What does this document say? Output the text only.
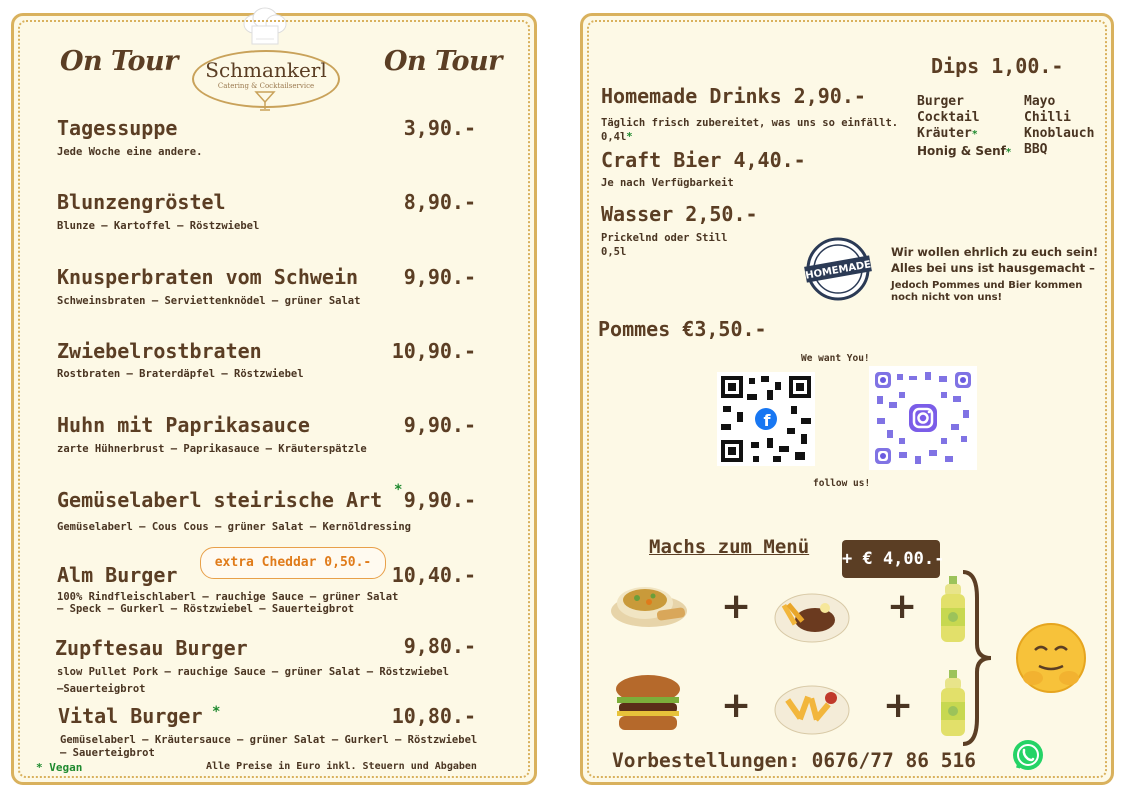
On Tour	On Tour
Schmankerl
Catering & Cocktailservice
Tagessuppe	3,90.-
Jede Woche eine andere.
Blunzengröstel	8,90.-
Blunze – Kartoffel – Röstzwiebel
Knusperbraten vom Schwein 9,90.-
Schweinsbraten – Serviettenknödel – grüner Salat
Zwiebelrostbraten	10,90.-
Rostbraten – Braterdäpfel – Röstzwiebel
Huhn mit Paprikasauce	9,90.-
zarte Hühnerbrust – Paprikasauce – Kräuterspätzle
Gemüselaberl steirische Art * 9,90.-
Gemüselaberl – Cous Cous – grüner Salat – Kernöldressing
extra Cheddar 0,50.-
Alm Burger	10,40.-
100% Rindfleischlaberl – rauchige Sauce – grüner Salat
– Speck – Gurkerl – Röstzwiebel – Sauerteigbrot
Zupftesau Burger	9,80.-
slow Pullet Pork – rauchige Sauce – grüner Salat – Röstzwiebel
–Sauerteigbrot
Vital Burger *	10,80.-
Gemüselaberl – Kräutersauce – grüner Salat – Gurkerl – Röstzwiebel
– Sauerteigbrot
* Vegan	Alle Preise in Euro inkl. Steuern und Abgaben
Homemade Drinks 2,90.-
Täglich frisch zubereitet, was uns so einfällt.
0,4l*
Craft Bier 4,40.-
Je nach Verfügbarkeit
Wasser 2,50.-
Prickelnd oder Still
0,5l
Dips 1,00.-
Burger
Cocktail
Kräuter*
Honig & Senf*
Mayo
Chilli
Knoblauch
BBQ
HOMEMADE
Wir wollen ehrlich zu euch sein!
Alles bei uns ist hausgemacht –
Jedoch Pommes und Bier kommen
noch nicht von uns!
Pommes €3,50.-
We want You!
f
follow us!
Machs zum Menü
+ € 4,00.-
+	+
+	+
Vorbestellungen: 0676/77 86 516
